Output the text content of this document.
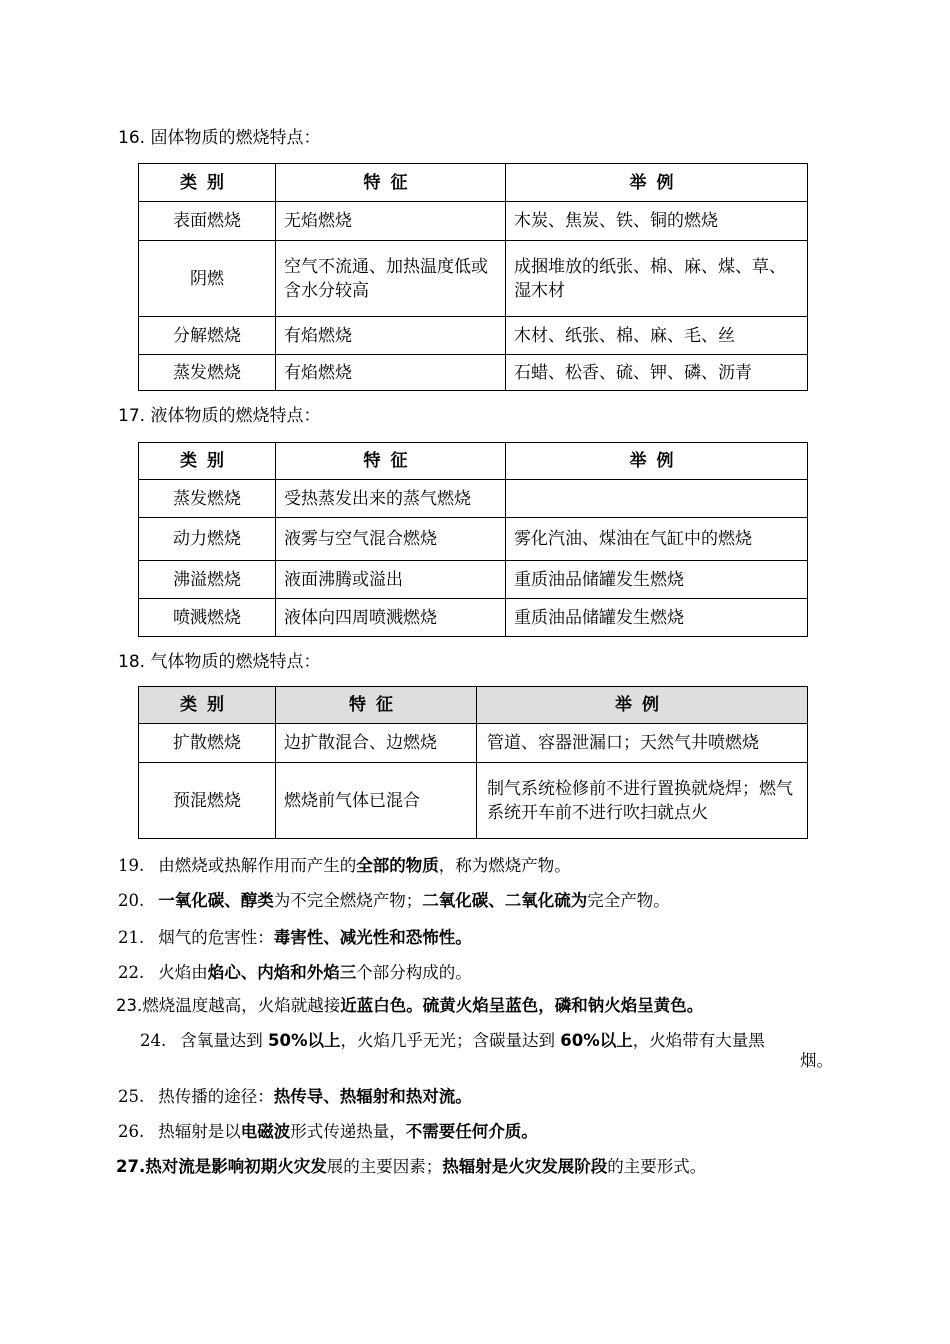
16. 固体物质的燃烧特点：
类别	特征	举例
表面燃烧	无焰燃烧	木炭、焦炭、铁、铜的燃烧
阴燃	空气不流通、加热温度低或含水分较高	成捆堆放的纸张、棉、麻、煤、草、 湿木材
分解燃烧	有焰燃烧	木材、纸张、棉、麻、毛、丝
蒸发燃烧	有焰燃烧	石蜡、松香、硫、钾、磷、沥青
17. 液体物质的燃烧特点：
类别	特征	举例
蒸发燃烧	受热蒸发出来的蒸气燃烧	
动力燃烧	液雾与空气混合燃烧	雾化汽油、煤油在气缸中的燃烧
沸溢燃烧	液面沸腾或溢出	重质油品储罐发生燃烧
喷溅燃烧	液体向四周喷溅燃烧	重质油品储罐发生燃烧
18. 气体物质的燃烧特点：
类别	特征	举例
扩散燃烧	边扩散混合、边燃烧	管道、容器泄漏口；天然气井喷燃烧
预混燃烧	燃烧前气体已混合	制气系统检修前不进行置换就烧焊；燃气系统开车前不进行吹扫就点火
19. 由燃烧或热解作用而产生的全部的物质，称为燃烧产物。
20. 一氧化碳、醇类为不完全燃烧产物；二氧化碳、二氧化硫为完全产物。
21. 烟气的危害性：毒害性、减光性和恐怖性。
22. 火焰由焰心、内焰和外焰三个部分构成的。
23.燃烧温度越高，火焰就越接近蓝白色。硫黄火焰呈蓝色，磷和钠火焰呈黄色。
24. 含氧量达到 50%以上，火焰几乎无光；含碳量达到 60%以上，火焰带有大量黑
烟。
25. 热传播的途径：热传导、热辐射和热对流。
26. 热辐射是以电磁波形式传递热量，不需要任何介质。
27.热对流是影响初期火灾发展的主要因素；热辐射是火灾发展阶段的主要形式。
